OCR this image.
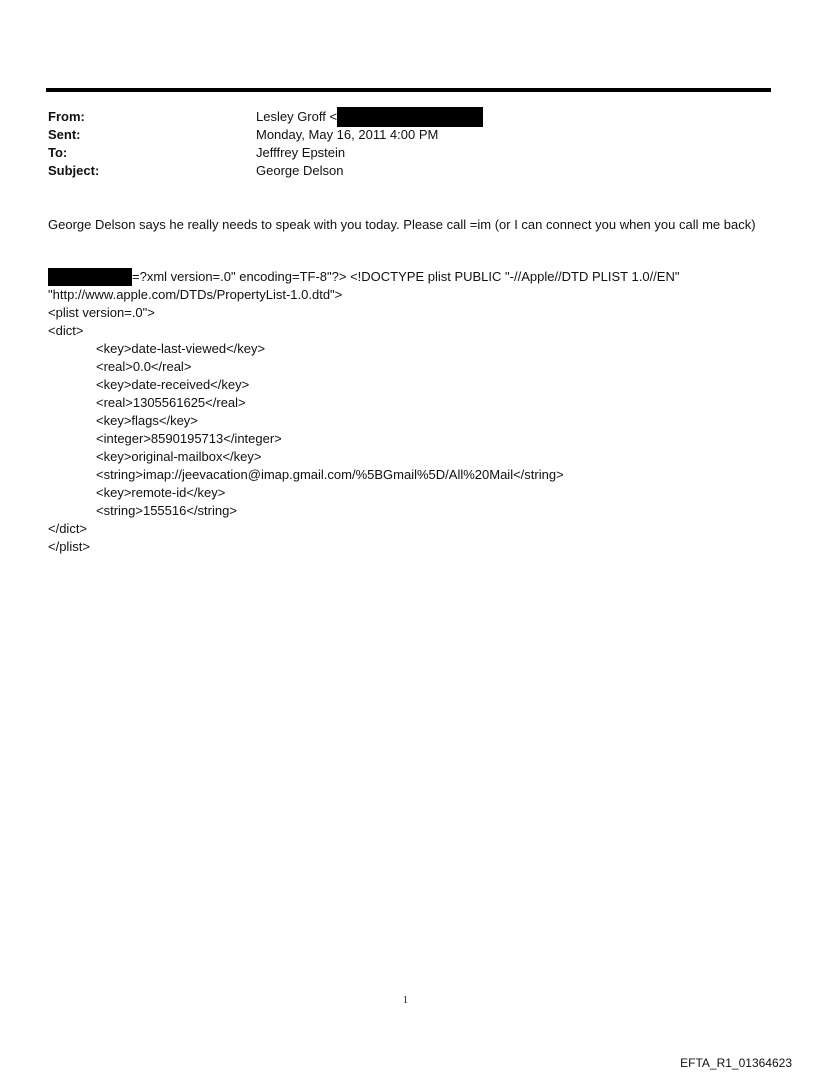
From:	Lesley Groff <
Sent:	Monday, May 16, 2011 4:00 PM
To:	Jefffrey Epstein
Subject:	George Delson
George Delson says he really needs to speak with you today. Please call =im (or I can connect you when you call me back)
=?xml version=.0" encoding=TF-8"?> <!DOCTYPE plist PUBLIC "-//Apple//DTD PLIST 1.0//EN"
"http://www.apple.com/DTDs/PropertyList-1.0.dtd">
<plist version=.0">
<dict>
<key>date-last-viewed</key>
<real>0.0</real>
<key>date-received</key>
<real>1305561625</real>
<key>flags</key>
<integer>8590195713</integer>
<key>original-mailbox</key>
<string>imap://jeevacation@imap.gmail.com/%5BGmail%5D/All%20Mail</string>
<key>remote-id</key>
<string>155516</string>
</dict>
</plist>
1
EFTA_R1_01364623
